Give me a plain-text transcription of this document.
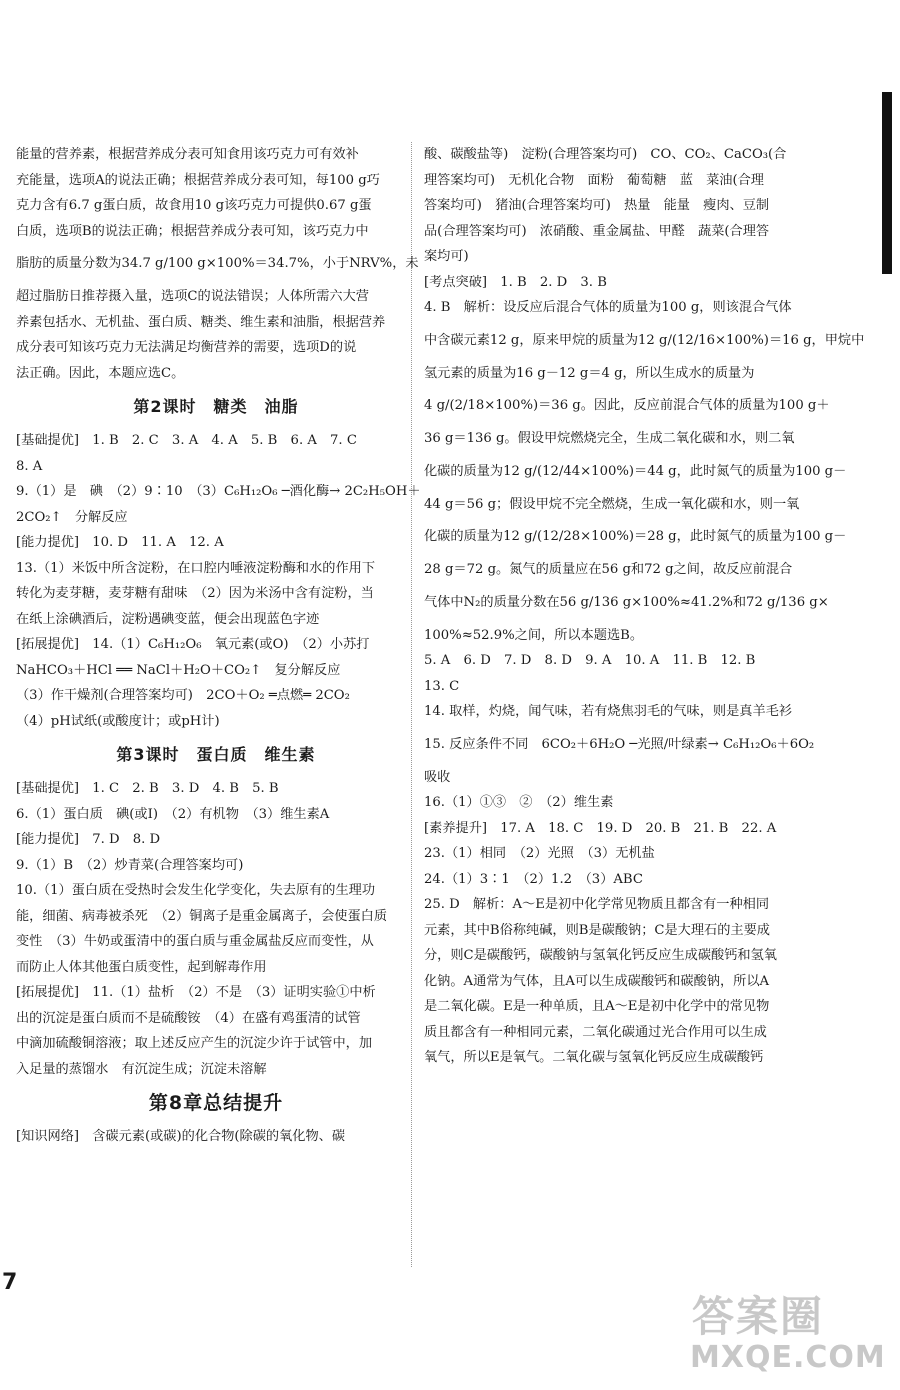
能量的营养素，根据营养成分表可知食用该巧克力可有效补
充能量，选项A的说法正确；根据营养成分表可知，每100 g巧
克力含有6.7 g蛋白质，故食用10 g该巧克力可提供0.67 g蛋
白质，选项B的说法正确；根据营养成分表可知，该巧克力中
脂肪的质量分数为34.7 g/100 g×100%＝34.7%，小于NRV%，未
超过脂肪日推荐摄入量，选项C的说法错误；人体所需六大营
养素包括水、无机盐、蛋白质、糖类、维生素和油脂，根据营养
成分表可知该巧克力无法满足均衡营养的需要，选项D的说
法正确。因此，本题应选C。
第2课时　糖类　油脂
[基础提优]　1. B　2. C　3. A　4. A　5. B　6. A　7. C
8. A
9.（1）是　碘　（2）9∶10　（3）C₆H₁₂O₆ ─酒化酶→ 2C₂H₅OH＋
2CO₂↑　分解反应
[能力提优]　10. D　11. A　12. A
13.（1）米饭中所含淀粉，在口腔内唾液淀粉酶和水的作用下
转化为麦芽糖，麦芽糖有甜味　（2）因为米汤中含有淀粉，当
在纸上涂碘酒后，淀粉遇碘变蓝，便会出现蓝色字迹
[拓展提优]　14.（1）C₆H₁₂O₆　氧元素(或O)　（2）小苏打
NaHCO₃＋HCl ══ NaCl＋H₂O＋CO₂↑　复分解反应
（3）作干燥剂(合理答案均可)　2CO＋O₂ ═点燃═ 2CO₂
（4）pH试纸(或酸度计；或pH计)
第3课时　蛋白质　维生素
[基础提优]　1. C　2. B　3. D　4. B　5. B
6.（1）蛋白质　碘(或I)　（2）有机物　（3）维生素A
[能力提优]　7. D　8. D
9.（1）B　（2）炒青菜(合理答案均可)
10.（1）蛋白质在受热时会发生化学变化，失去原有的生理功
能，细菌、病毒被杀死　（2）铜离子是重金属离子，会使蛋白质
变性　（3）牛奶或蛋清中的蛋白质与重金属盐反应而变性，从
而防止人体其他蛋白质变性，起到解毒作用
[拓展提优]　11.（1）盐析　（2）不是　（3）证明实验①中析
出的沉淀是蛋白质而不是硫酸铵　（4）在盛有鸡蛋清的试管
中滴加硫酸铜溶液；取上述反应产生的沉淀少许于试管中，加
入足量的蒸馏水　有沉淀生成；沉淀未溶解
第8章总结提升
[知识网络]　含碳元素(或碳)的化合物(除碳的氧化物、碳
酸、碳酸盐等)　淀粉(合理答案均可)　CO、CO₂、CaCO₃(合
理答案均可)　无机化合物　面粉　葡萄糖　蓝　菜油(合理
答案均可)　猪油(合理答案均可)　热量　能量　瘦肉、豆制
品(合理答案均可)　浓硝酸、重金属盐、甲醛　蔬菜(合理答
案均可)
[考点突破]　1. B　2. D　3. B
4. B　解析：设反应后混合气体的质量为100 g，则该混合气体
中含碳元素12 g，原来甲烷的质量为12 g/(12/16×100%)＝16 g，甲烷中
氢元素的质量为16 g－12 g＝4 g，所以生成水的质量为
4 g/(2/18×100%)＝36 g。因此，反应前混合气体的质量为100 g＋
36 g＝136 g。假设甲烷燃烧完全，生成二氧化碳和水，则二氧
化碳的质量为12 g/(12/44×100%)＝44 g，此时氮气的质量为100 g－
44 g＝56 g；假设甲烷不完全燃烧，生成一氧化碳和水，则一氧
化碳的质量为12 g/(12/28×100%)＝28 g，此时氮气的质量为100 g－
28 g＝72 g。氮气的质量应在56 g和72 g之间，故反应前混合
气体中N₂的质量分数在56 g/136 g×100%≈41.2%和72 g/136 g×
100%≈52.9%之间，所以本题选B。
5. A　6. D　7. D　8. D　9. A　10. A　11. B　12. B
13. C
14. 取样，灼烧，闻气味，若有烧焦羽毛的气味，则是真羊毛衫
15. 反应条件不同　6CO₂＋6H₂O ─光照/叶绿素→ C₆H₁₂O₆＋6O₂
吸收
16.（1）①③　②　（2）维生素
[素养提升]　17. A　18. C　19. D　20. B　21. B　22. A
23.（1）相同　（2）光照　（3）无机盐
24.（1）3∶1　（2）1.2　（3）ABC
25. D　解析：A～E是初中化学常见物质且都含有一种相同
元素，其中B俗称纯碱，则B是碳酸钠；C是大理石的主要成
分，则C是碳酸钙，碳酸钠与氢氧化钙反应生成碳酸钙和氢氧
化钠。A通常为气体，且A可以生成碳酸钙和碳酸钠，所以A
是二氧化碳。E是一种单质，且A～E是初中化学中的常见物
质且都含有一种相同元素，二氧化碳通过光合作用可以生成
氧气，所以E是氧气。二氧化碳与氢氧化钙反应生成碳酸钙
7
答案圈
MXQE.COM
